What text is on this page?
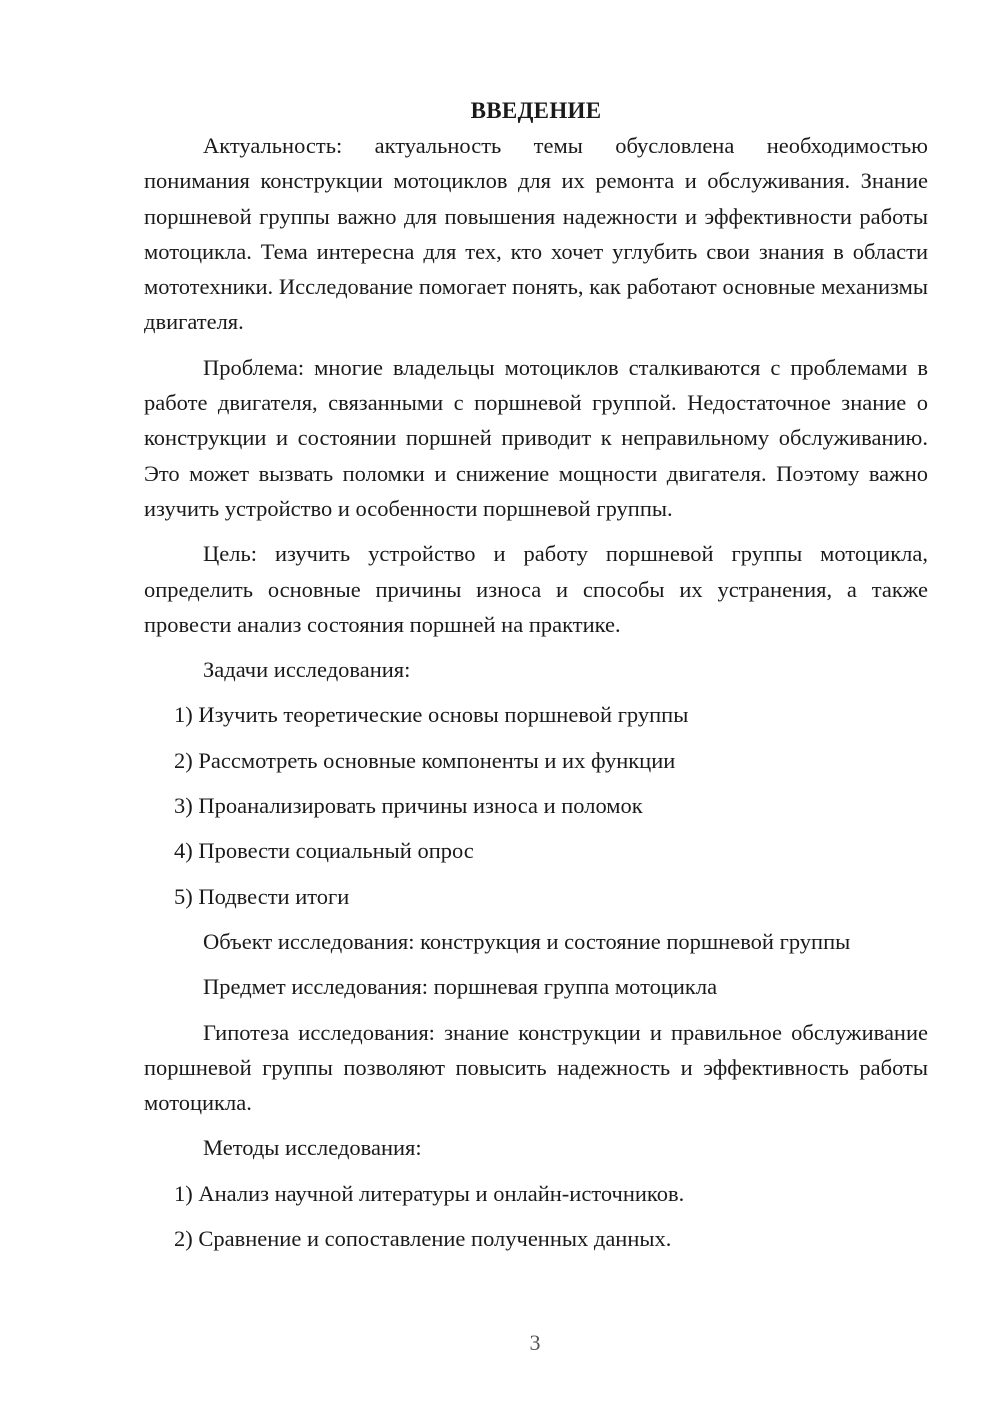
ВВЕДЕНИЕ

Актуальность: актуальность темы обусловлена необходимостью понимания конструкции мотоциклов для их ремонта и обслуживания. Знание поршневой группы важно для повышения надежности и эффективности работы мотоцикла. Тема интересна для тех, кто хочет углубить свои знания в области мототехники. Исследование помогает понять, как работают основные механизмы двигателя.

Проблема: многие владельцы мотоциклов сталкиваются с проблемами в работе двигателя, связанными с поршневой группой. Недостаточное знание о конструкции и состоянии поршней приводит к неправильному обслуживанию. Это может вызвать поломки и снижение мощности двигателя. Поэтому важно изучить устройство и особенности поршневой группы.

Цель: изучить устройство и работу поршневой группы мотоцикла, определить основные причины износа и способы их устранения, а также провести анализ состояния поршней на практике.

Задачи исследования:

1) Изучить теоретические основы поршневой группы
2) Рассмотреть основные компоненты и их функции
3) Проанализировать причины износа и поломок
4) Провести социальный опрос
5) Подвести итоги

Объект исследования: конструкция и состояние поршневой группы

Предмет исследования: поршневая группа мотоцикла

Гипотеза исследования: знание конструкции и правильное обслуживание поршневой группы позволяют повысить надежность и эффективность работы мотоцикла.

Методы исследования:

1) Анализ научной литературы и онлайн-источников.
2) Сравнение и сопоставление полученных данных.
3
